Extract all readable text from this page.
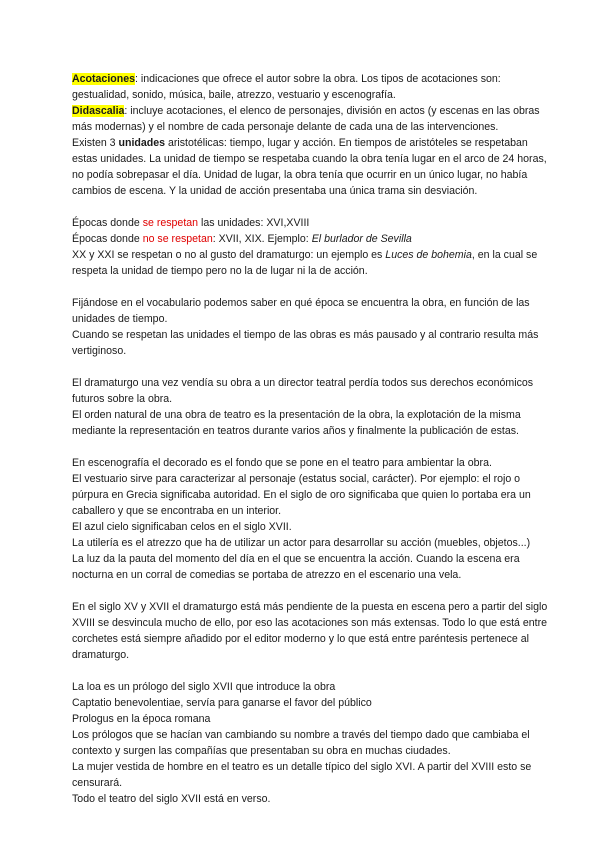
Acotaciones: indicaciones que ofrece el autor sobre la obra. Los tipos de acotaciones son: gestualidad, sonido, música, baile, atrezzo, vestuario y escenografía.

Didascalia: incluye acotaciones, el elenco de personajes, división en actos (y escenas en las obras más modernas) y el nombre de cada personaje delante de cada una de las intervenciones.

Existen 3 unidades aristotélicas: tiempo, lugar y acción. En tiempos de aristóteles se respetaban estas unidades. La unidad de tiempo se respetaba cuando la obra tenía lugar en el arco de 24 horas, no podía sobrepasar el día. Unidad de lugar, la obra tenía que ocurrir en un único lugar, no había cambios de escena. Y la unidad de acción presentaba una única trama sin desviación.

Épocas donde se respetan las unidades: XVI,XVIII

Épocas donde no se respetan: XVII, XIX. Ejemplo: El burlador de Sevilla

XX y XXI se respetan o no al gusto del dramaturgo: un ejemplo es Luces de bohemia, en la cual se respeta la unidad de tiempo pero no la de lugar ni la de acción.

Fijándose en el vocabulario podemos saber en qué época se encuentra la obra, en función de las unidades de tiempo.

Cuando se respetan las unidades el tiempo de las obras es más pausado y al contrario resulta más vertiginoso.

El dramaturgo una vez vendía su obra a un director teatral perdía todos sus derechos económicos futuros sobre la obra.

El orden natural de una obra de teatro es la presentación de la obra, la explotación de la misma mediante la representación en teatros durante varios años y finalmente la publicación de estas.

En escenografía el decorado es el fondo que se pone en el teatro para ambientar la obra.

El vestuario sirve para caracterizar al personaje (estatus social, carácter). Por ejemplo: el rojo o púrpura en Grecia significaba autoridad. En el siglo de oro significaba que quien lo portaba era un caballero y que se encontraba en un interior.

El azul cielo significaban celos en el siglo XVII.

La utilería es el atrezzo que ha de utilizar un actor para desarrollar su acción (muebles, objetos...)

La luz da la pauta del momento del día en el que se encuentra la acción. Cuando la escena era nocturna en un corral de comedias se portaba de atrezzo en el escenario una vela.

En el siglo XV y XVII el dramaturgo está más pendiente de la puesta en escena pero a partir del siglo XVIII se desvincula mucho de ello, por eso las acotaciones son más extensas. Todo lo que está entre corchetes está siempre añadido por el editor moderno y lo que está entre paréntesis pertenece al dramaturgo.

La loa es un prólogo del siglo XVII que introduce la obra

Captatio benevolentiae, servía para ganarse el favor del público

Prologus en la época romana

Los prólogos que se hacían van cambiando su nombre a través del tiempo dado que cambiaba el contexto y surgen las compañías que presentaban su obra en muchas ciudades.

La mujer vestida de hombre en el teatro es un detalle típico del siglo XVI. A partir del XVIII esto se censurará.

Todo el teatro del siglo XVII está en verso.
